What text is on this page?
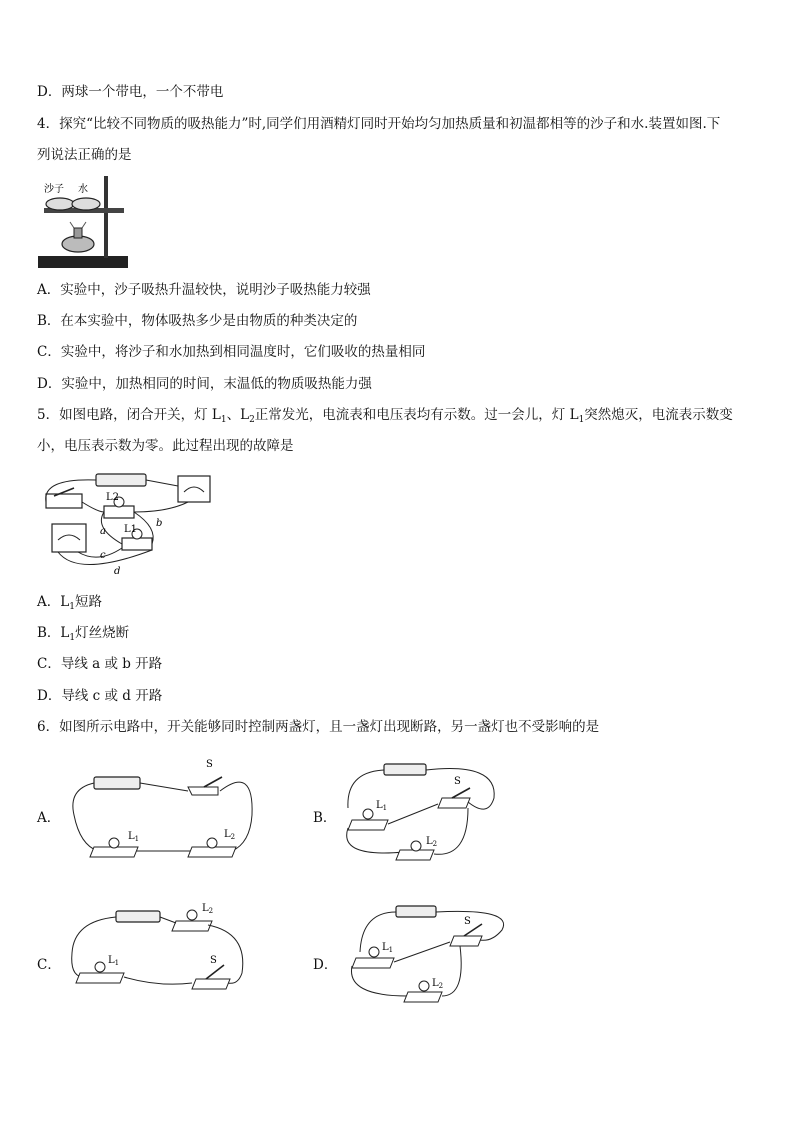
D．两球一个带电，一个不带电
4．探究“比较不同物质的吸热能力”时,同学们用酒精灯同时开始均匀加热质量和初温都相等的沙子和水.装置如图.下
列说法正确的是
沙子 水
A．实验中，沙子吸热升温较快，说明沙子吸热能力较强
B．在本实验中，物体吸热多少是由物质的种类决定的
C．实验中，将沙子和水加热到相同温度时，它们吸收的热量相同
D．实验中，加热相同的时间，末温低的物质吸热能力强
5．如图电路，闭合开关，灯 $L_1$、$L_2$正常发光，电流表和电压表均有示数。过一会儿，灯 $L_1$突然熄灭，电流表示数变
小，电压表示数为零。此过程出现的故障是
L2
L1
a
b
c
d
A．$L_1$短路
B．$L_1$灯丝烧断
C．导线 a 或 b 开路
D．导线 c 或 d 开路
6．如图所示电路中，开关能够同时控制两盏灯，且一盏灯出现断路，另一盏灯也不受影响的是
A．	B．
C．	D．
S
$L_1$	$L_2$
S
$L_1$
$L_2$
$L_2$
$L_1$	S
S
$L_1$
$L_2$
